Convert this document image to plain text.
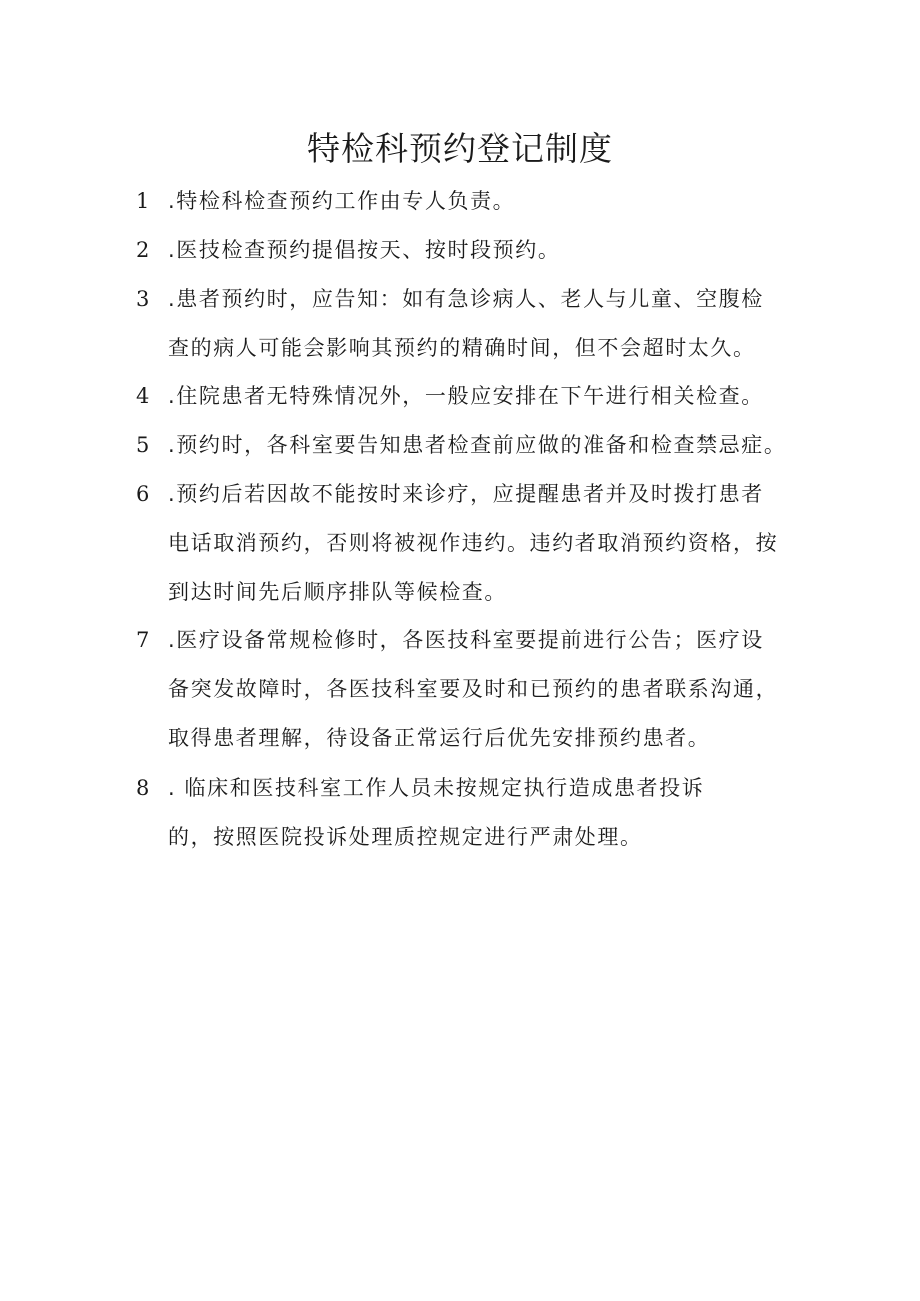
特检科预约登记制度
1 .特检科检查预约工作由专人负责。
2 .医技检查预约提倡按天、按时段预约。
3 .患者预约时，应告知：如有急诊病人、老人与儿童、空腹检
查的病人可能会影响其预约的精确时间，但不会超时太久。
4 .住院患者无特殊情况外，一般应安排在下午进行相关检查。
5 .预约时，各科室要告知患者检查前应做的准备和检查禁忌症。
6 .预约后若因故不能按时来诊疗，应提醒患者并及时拨打患者
电话取消预约，否则将被视作违约。违约者取消预约资格，按
到达时间先后顺序排队等候检查。
7 .医疗设备常规检修时，各医技科室要提前进行公告；医疗设
备突发故障时，各医技科室要及时和已预约的患者联系沟通，
取得患者理解，待设备正常运行后优先安排预约患者。
8 . 临床和医技科室工作人员未按规定执行造成患者投诉
的，按照医院投诉处理质控规定进行严肃处理。
